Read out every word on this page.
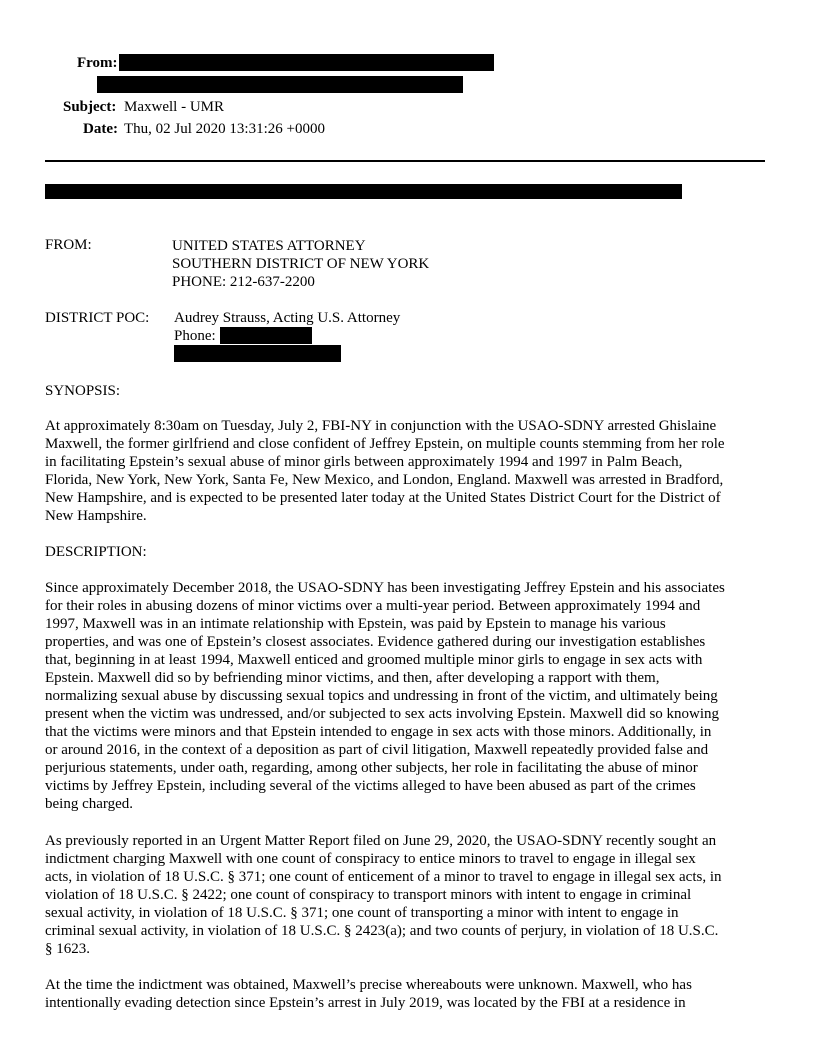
From:
Subject: Maxwell - UMR
Date: Thu, 02 Jul 2020 13:31:26 +0000
FROM:	UNITED STATES ATTORNEY
SOUTHERN DISTRICT OF NEW YORK
PHONE: 212-637-2200
DISTRICT POC: Audrey Strauss, Acting U.S. Attorney
Phone:
SYNOPSIS:
At approximately 8:30am on Tuesday, July 2, FBI-NY in conjunction with the USAO-SDNY arrested Ghislaine
Maxwell, the former girlfriend and close confident of Jeffrey Epstein, on multiple counts stemming from her role
in facilitating Epstein’s sexual abuse of minor girls between approximately 1994 and 1997 in Palm Beach,
Florida, New York, New York, Santa Fe, New Mexico, and London, England. Maxwell was arrested in Bradford,
New Hampshire, and is expected to be presented later today at the United States District Court for the District of
New Hampshire.
DESCRIPTION:
Since approximately December 2018, the USAO-SDNY has been investigating Jeffrey Epstein and his associates
for their roles in abusing dozens of minor victims over a multi-year period. Between approximately 1994 and
1997, Maxwell was in an intimate relationship with Epstein, was paid by Epstein to manage his various
properties, and was one of Epstein’s closest associates. Evidence gathered during our investigation establishes
that, beginning in at least 1994, Maxwell enticed and groomed multiple minor girls to engage in sex acts with
Epstein. Maxwell did so by befriending minor victims, and then, after developing a rapport with them,
normalizing sexual abuse by discussing sexual topics and undressing in front of the victim, and ultimately being
present when the victim was undressed, and/or subjected to sex acts involving Epstein. Maxwell did so knowing
that the victims were minors and that Epstein intended to engage in sex acts with those minors. Additionally, in
or around 2016, in the context of a deposition as part of civil litigation, Maxwell repeatedly provided false and
perjurious statements, under oath, regarding, among other subjects, her role in facilitating the abuse of minor
victims by Jeffrey Epstein, including several of the victims alleged to have been abused as part of the crimes
being charged.
As previously reported in an Urgent Matter Report filed on June 29, 2020, the USAO-SDNY recently sought an
indictment charging Maxwell with one count of conspiracy to entice minors to travel to engage in illegal sex
acts, in violation of 18 U.S.C. § 371; one count of enticement of a minor to travel to engage in illegal sex acts, in
violation of 18 U.S.C. § 2422; one count of conspiracy to transport minors with intent to engage in criminal
sexual activity, in violation of 18 U.S.C. § 371; one count of transporting a minor with intent to engage in
criminal sexual activity, in violation of 18 U.S.C. § 2423(a); and two counts of perjury, in violation of 18 U.S.C.
§ 1623.
At the time the indictment was obtained, Maxwell’s precise whereabouts were unknown. Maxwell, who has
intentionally evading detection since Epstein’s arrest in July 2019, was located by the FBI at a residence in
